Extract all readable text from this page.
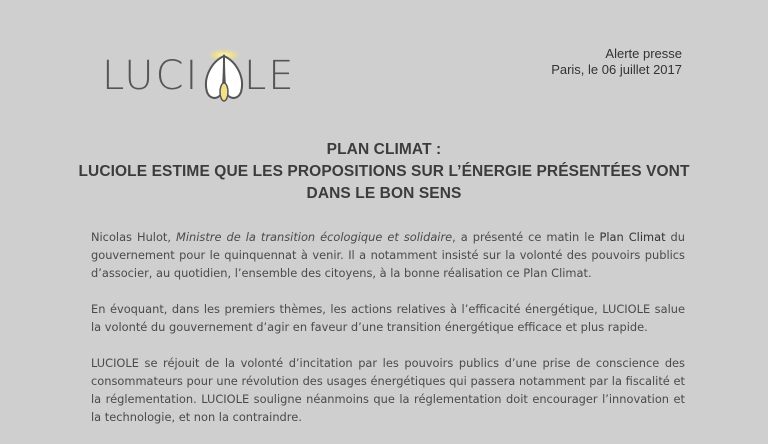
LUCI LE	Alerte presse
Paris, le 06 juillet 2017
PLAN CLIMAT :
LUCIOLE ESTIME QUE LES PROPOSITIONS SUR L’ÉNERGIE PRÉSENTÉES VONT
DANS LE BON SENS

Nicolas Hulot, Ministre de la transition écologique et solidaire, a présenté ce matin le Plan Climat du gouvernement pour le quinquennat à venir. Il a notamment insisté sur la volonté des pouvoirs publics d’associer, au quotidien, l’ensemble des citoyens, à la bonne réalisation ce Plan Climat.

En évoquant, dans les premiers thèmes, les actions relatives à l’efficacité énergétique, LUCIOLE salue la volonté du gouvernement d’agir en faveur d’une transition énergétique efficace et plus rapide.

LUCIOLE se réjouit de la volonté d’incitation par les pouvoirs publics d’une prise de conscience des consommateurs pour une révolution des usages énergétiques qui passera notamment par la fiscalité et la réglementation. LUCIOLE souligne néanmoins que la réglementation doit encourager l’innovation et la technologie, et non la contraindre.
